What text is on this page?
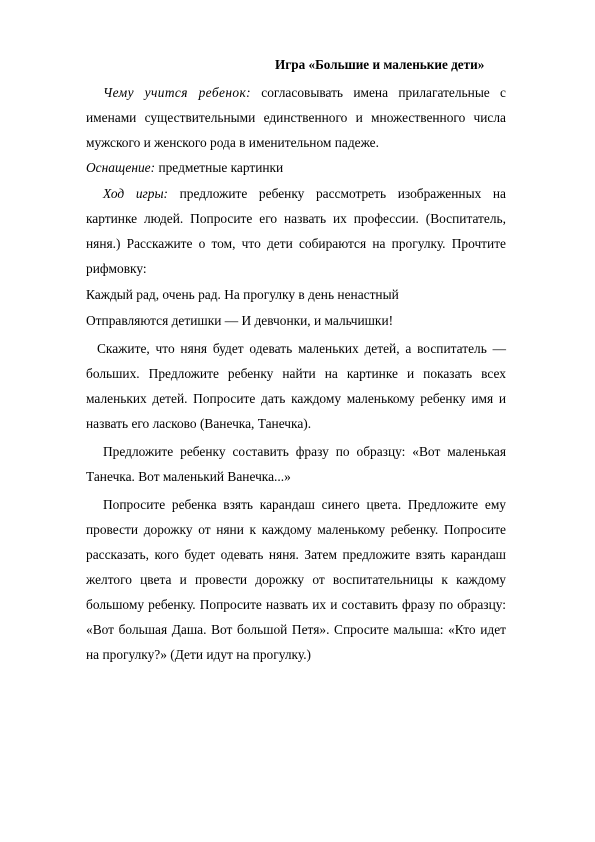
Игра «Большие и маленькие дети»

Чему учится ребенок: согласовывать имена прилагательные с именами существительными единственного и множественного числа мужского и женского рода в именительном падеже.

Оснащение: предметные картинки

Ход игры: предложите ребенку рассмотреть изображенных на картинке людей. Попросите его назвать их профессии. (Воспитатель, няня.) Расскажите о том, что дети собираются на прогулку. Прочтите рифмовку:

Каждый рад, очень рад. На прогулку в день ненастный

Отправляются детишки — И девчонки, и мальчишки!

Скажите, что няня будет одевать маленьких детей, а воспитатель — больших. Предложите ребенку найти на картинке и показать всех маленьких детей. Попросите дать каждому маленькому ребенку имя и назвать его ласково (Ванечка, Танечка).

Предложите ребенку составить фразу по образцу: «Вот маленькая Танечка. Вот маленький Ванечка...»

Попросите ребенка взять карандаш синего цвета. Предложите ему провести дорожку от няни к каждому маленькому ребенку. Попросите рассказать, кого будет одевать няня. Затем предложите взять карандаш желтого цвета и провести дорожку от воспитательницы к каждому большому ребенку. Попросите назвать их и составить фразу по образцу: «Вот большая Даша. Вот большой Петя». Спросите малыша: «Кто идет на прогулку?» (Дети идут на прогулку.)
